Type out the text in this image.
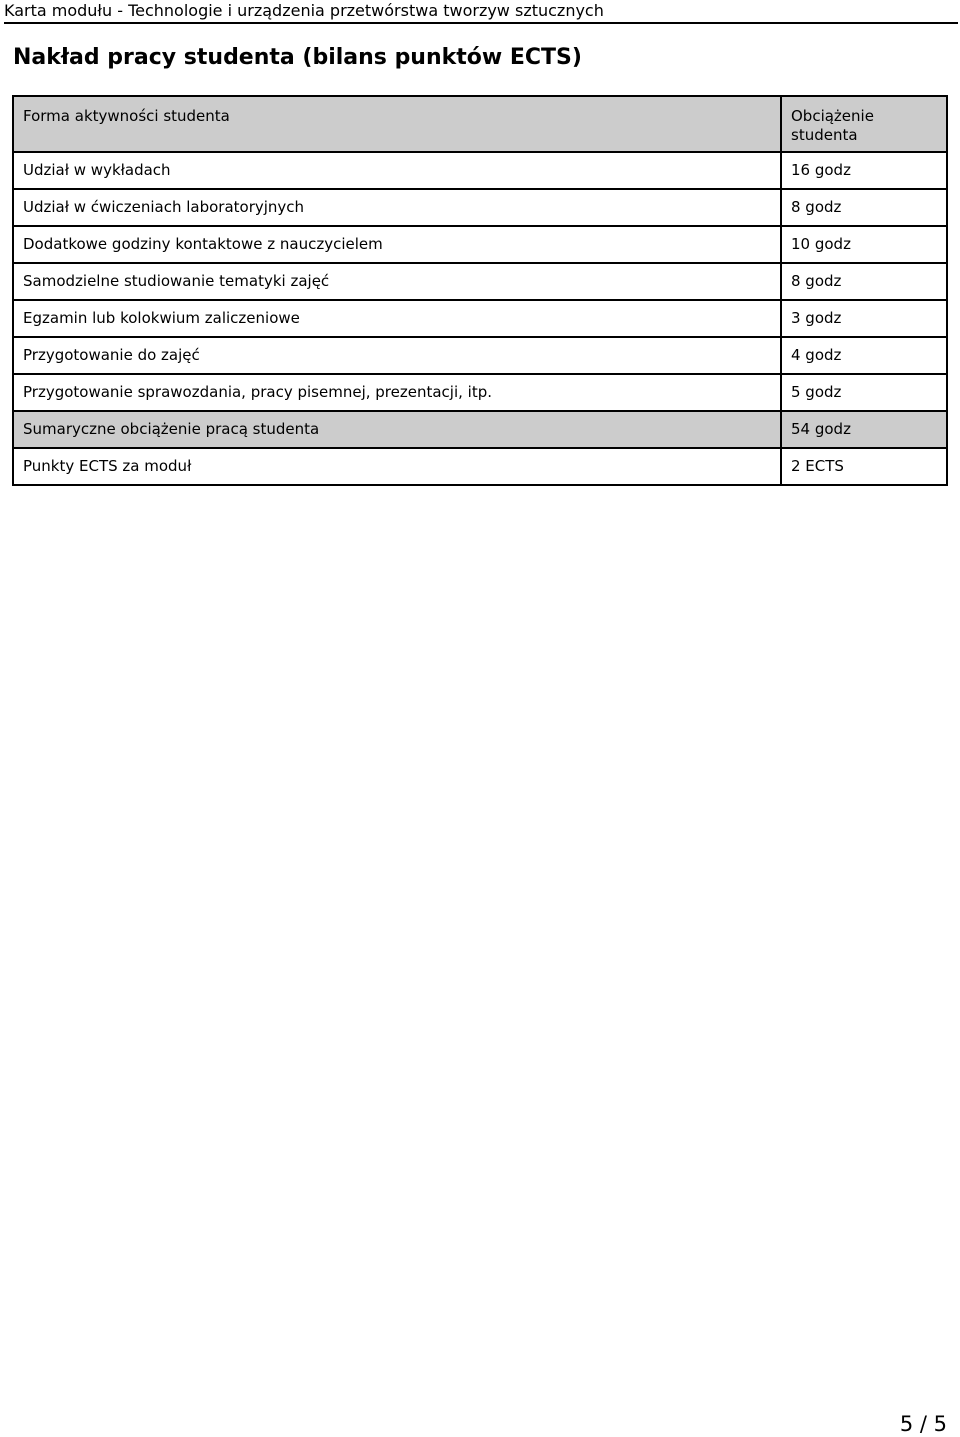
Karta modułu - Technologie i urządzenia przetwórstwa tworzyw sztucznych
Nakład pracy studenta (bilans punktów ECTS)
Forma aktywności studenta	Obciążenie studenta
Udział w wykładach	16 godz
Udział w ćwiczeniach laboratoryjnych	8 godz
Dodatkowe godziny kontaktowe z nauczycielem	10 godz
Samodzielne studiowanie tematyki zajęć	8 godz
Egzamin lub kolokwium zaliczeniowe	3 godz
Przygotowanie do zajęć	4 godz
Przygotowanie sprawozdania, pracy pisemnej, prezentacji, itp.	5 godz
Sumaryczne obciążenie pracą studenta	54 godz
Punkty ECTS za moduł	2 ECTS
5 / 5
